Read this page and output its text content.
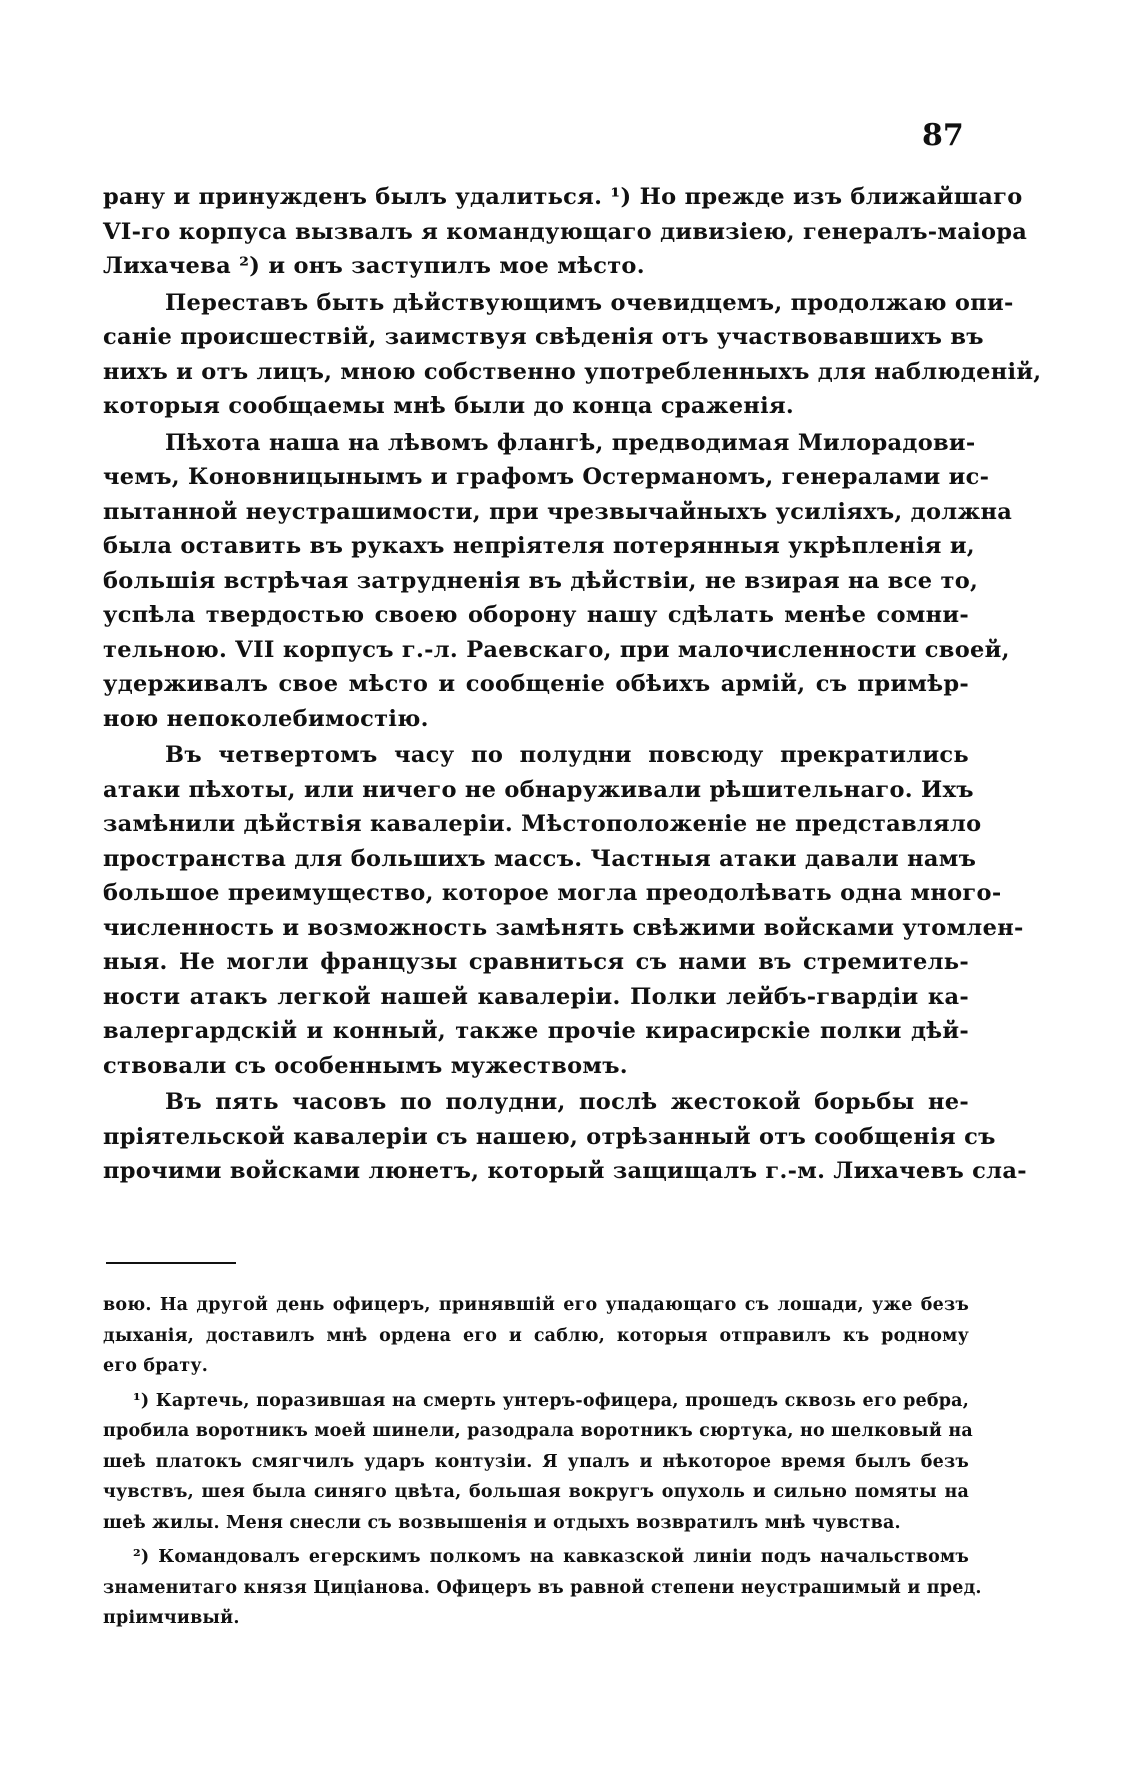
87
рану и принужденъ былъ удалиться. ¹) Но прежде изъ ближайшаго
VI-го корпуса вызвалъ я командующаго дивизіею, генералъ-маіора
Лихачева ²) и онъ заступилъ мое мѣсто.
Переставъ быть дѣйствующимъ очевидцемъ, продолжаю опи-
саніе происшествій, заимствуя свѣденія отъ участвовавшихъ въ
нихъ и отъ лицъ, мною собственно употребленныхъ для наблюденій,
которыя сообщаемы мнѣ были до конца сраженія.
Пѣхота наша на лѣвомъ флангѣ, предводимая Милорадови-
чемъ, Коновницынымъ и графомъ Остерманомъ, генералами ис-
пытанной неустрашимости, при чрезвычайныхъ усиліяхъ, должна
была оставить въ рукахъ непріятеля потерянныя укрѣпленія и,
большія встрѣчая затрудненія въ дѣйствіи, не взирая на все то,
успѣла твердостью своею оборону нашу сдѣлать менѣе сомни-
тельною. VII корпусъ г.-л. Раевскаго, при малочисленности своей,
удерживалъ свое мѣсто и сообщеніе обѣихъ армій, съ примѣр-
ною непоколебимостію.
Въ четвертомъ часу по полудни повсюду прекратились
атаки пѣхоты, или ничего не обнаруживали рѣшительнаго. Ихъ
замѣнили дѣйствія кавалеріи. Мѣстоположеніе не представляло
пространства для большихъ массъ. Частныя атаки давали намъ
большое преимущество, которое могла преодолѣвать одна много-
численность и возможность замѣнять свѣжими войсками утомлен-
ныя. Не могли французы сравниться съ нами въ стремитель-
ности атакъ легкой нашей кавалеріи. Полки лейбъ-гвардіи ка-
валергардскій и конный, также прочіе кирасирскіе полки дѣй-
ствовали съ особеннымъ мужествомъ.
Въ пять часовъ по полудни, послѣ жестокой борьбы не-
пріятельской кавалеріи съ нашею, отрѣзанный отъ сообщенія съ
прочими войсками люнетъ, который защищалъ г.-м. Лихачевъ сла-
вою. На другой день офицеръ, принявшій его упадающаго съ лошади, уже безъ
дыханія, доставилъ мнѣ ордена его и саблю, которыя отправилъ къ родному
его брату.
¹) Картечь, поразившая на смерть унтеръ-офицера, прошедъ сквозь его ребра,
пробила воротникъ моей шинели, разодрала воротникъ сюртука, но шелковый на
шеѣ платокъ смягчилъ ударъ контузіи. Я упалъ и нѣкоторое время былъ безъ
чувствъ, шея была синяго цвѣта, большая вокругъ опухоль и сильно помяты на
шеѣ жилы. Меня снесли съ возвышенія и отдыхъ возвратилъ мнѣ чувства.
²) Командовалъ егерскимъ полкомъ на кавказской линіи подъ начальствомъ
знаменитаго князя Цицiанова. Офицеръ въ равной степени неустрашимый и пред.
пріимчивый.
